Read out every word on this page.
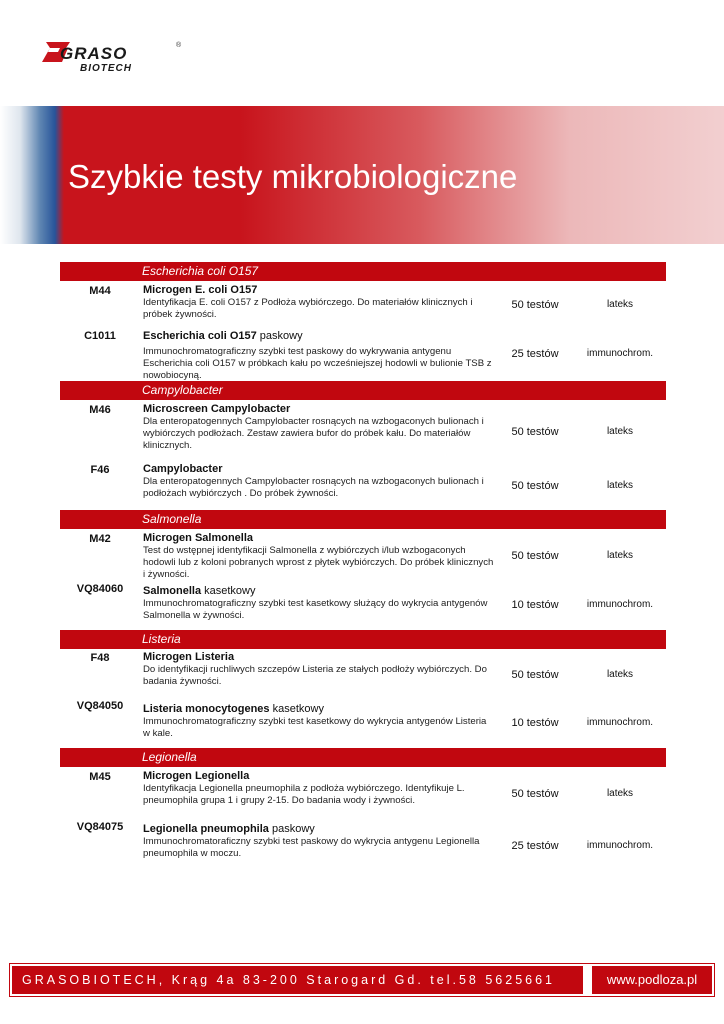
GRASO
BIOTECH
®
Szybkie testy mikrobiologiczne
Escherichia coli O157
Campylobacter
Salmonella
Listeria
Legionella
M44	Microgen E. coli O157
Identyfikacja E. coli O157 z Podłoża wybiórczego. Do materiałów klinicznych i próbek żywności.
50 testów	lateks
C1011	Escherichia coli O157 paskowy
Immunochromatograficzny szybki test paskowy do wykrywania antygenu Escherichia coli O157 w próbkach kału po wcześniejszej hodowli w bulionie TSB z nowobiocyną.
25 testów	immunochrom.
M46	Microscreen Campylobacter
Dla enteropatogennych Campylobacter rosnących na wzbogaconych bulionach i wybiórczych podłożach. Zestaw zawiera bufor do próbek kału. Do materiałów klinicznych.
50 testów	lateks
F46	Campylobacter
Dla enteropatogennych Campylobacter rosnących na wzbogaconych bulionach i podłożach wybiórczych . Do próbek żywności.
50 testów	lateks
M42	Microgen Salmonella
Test do wstępnej identyfikacji Salmonella z wybiórczych i/lub wzbogaconych hodowli lub z koloni pobranych wprost z płytek wybiórczych. Do próbek klinicznych i żywności.
50 testów	lateks
VQ84060	Salmonella kasetkowy
Immunochromatograficzny szybki test kasetkowy służący do wykrycia antygenów Salmonella w żywności.
10 testów	immunochrom.
F48	Microgen Listeria
Do identyfikacji ruchliwych szczepów Listeria ze stałych podłoży wybiórczych. Do badania żywności.
50 testów	lateks
VQ84050	Listeria monocytogenes kasetkowy
Immunochromatograficzny szybki test kasetkowy do wykrycia antygenów Listeria w kale.
10 testów	immunochrom.
M45	Microgen Legionella
Identyfikacja Legionella pneumophila z podłoża wybiórczego. Identyfikuje L. pneumophila grupa 1 i grupy 2-15. Do badania wody i żywności.
50 testów	lateks
VQ84075	Legionella pneumophila paskowy
Immunochromatoraficzny szybki test paskowy do wykrycia antygenu Legionella pneumophila w moczu.
25 testów	immunochrom.
GRASOBIOTECH, Krąg 4a 83-200 Starogard Gd. tel.58 5625661	www.podloza.pl
